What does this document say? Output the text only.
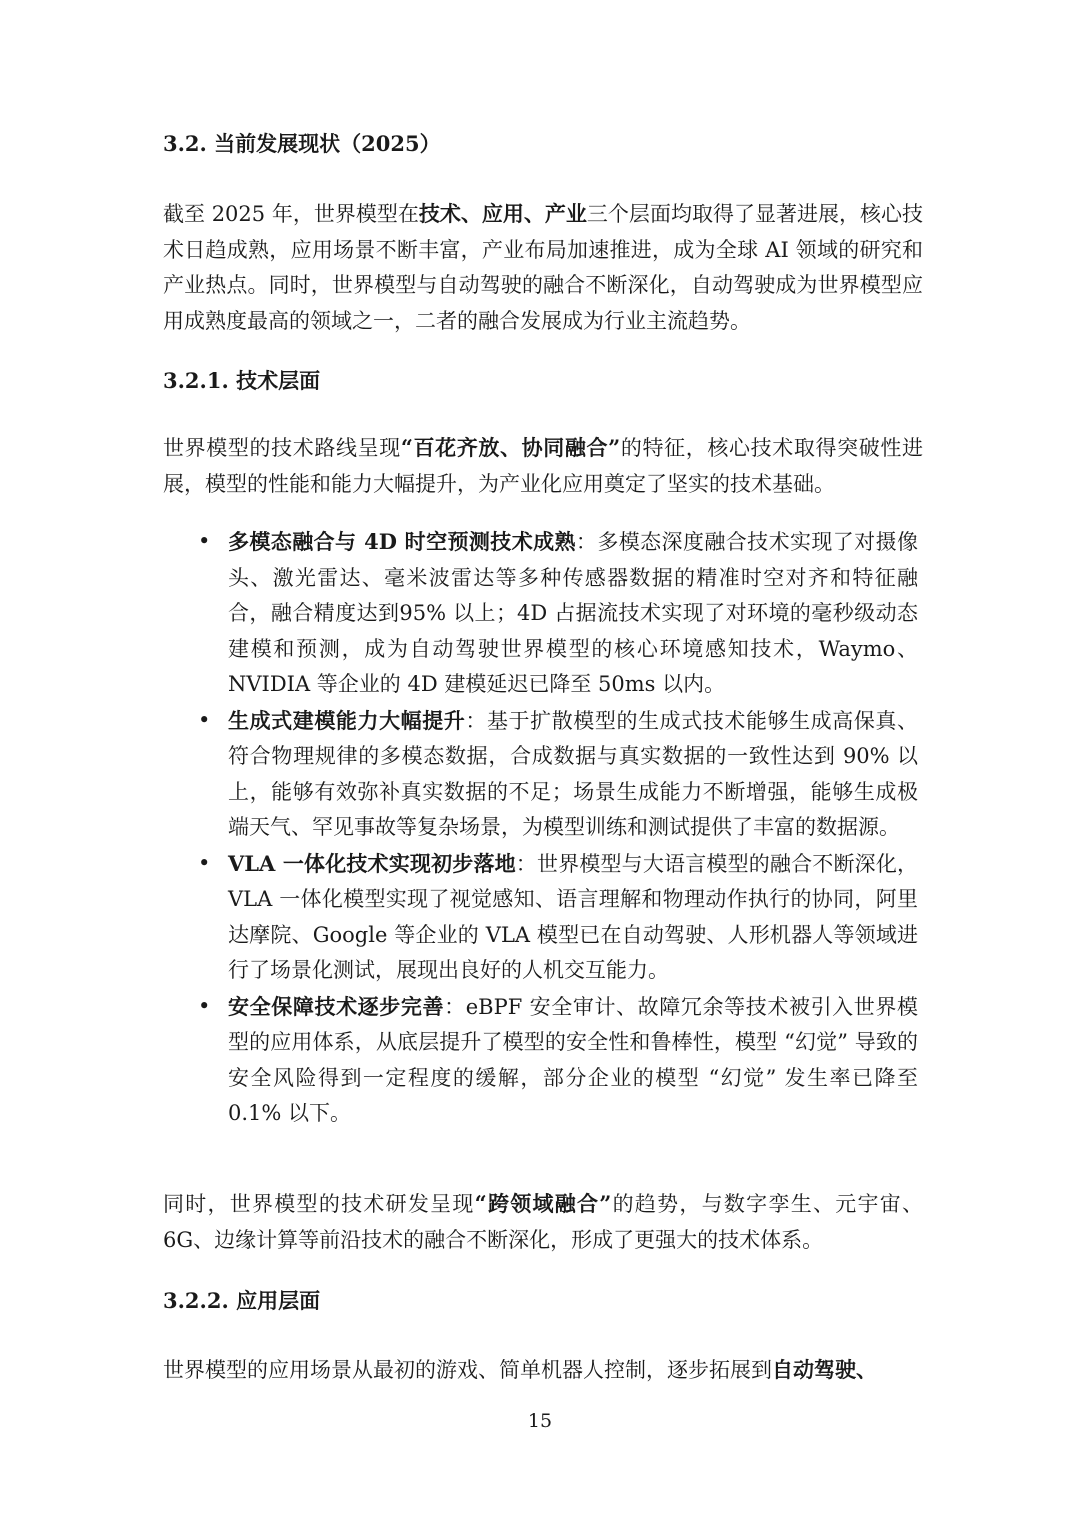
3.2. 当前发展现状（2025）

截至 2025 年，世界模型在技术、应用、产业三个层面均取得了显著进展，核心技术日趋成熟，应用场景不断丰富，产业布局加速推进，成为全球 AI 领域的研究和产业热点。同时，世界模型与自动驾驶的融合不断深化，自动驾驶成为世界模型应用成熟度最高的领域之一，二者的融合发展成为行业主流趋势。

3.2.1. 技术层面

世界模型的技术路线呈现“百花齐放、协同融合”的特征，核心技术取得突破性进展，模型的性能和能力大幅提升，为产业化应用奠定了坚实的技术基础。

• 多模态融合与 4D 时空预测技术成熟：多模态深度融合技术实现了对摄像头、激光雷达、毫米波雷达等多种传感器数据的精准时空对齐和特征融合，融合精度达到95% 以上；4D 占据流技术实现了对环境的毫秒级动态建模和预测，成为自动驾驶世界模型的核心环境感知技术，Waymo、NVIDIA 等企业的 4D 建模延迟已降至 50ms 以内。
• 生成式建模能力大幅提升：基于扩散模型的生成式技术能够生成高保真、符合物理规律的多模态数据，合成数据与真实数据的一致性达到 90% 以上，能够有效弥补真实数据的不足；场景生成能力不断增强，能够生成极端天气、罕见事故等复杂场景，为模型训练和测试提供了丰富的数据源。
• VLA 一体化技术实现初步落地：世界模型与大语言模型的融合不断深化，VLA 一体化模型实现了视觉感知、语言理解和物理动作执行的协同，阿里达摩院、Google 等企业的 VLA 模型已在自动驾驶、人形机器人等领域进行了场景化测试，展现出良好的人机交互能力。
• 安全保障技术逐步完善：eBPF 安全审计、故障冗余等技术被引入世界模型的应用体系，从底层提升了模型的安全性和鲁棒性，模型 “幻觉” 导致的安全风险得到一定程度的缓解，部分企业的模型 “幻觉” 发生率已降至 0.1% 以下。

同时，世界模型的技术研发呈现“跨领域融合”的趋势，与数字孪生、元宇宙、6G、边缘计算等前沿技术的融合不断深化，形成了更强大的技术体系。

3.2.2. 应用层面

世界模型的应用场景从最初的游戏、简单机器人控制，逐步拓展到自动驾驶、

15
